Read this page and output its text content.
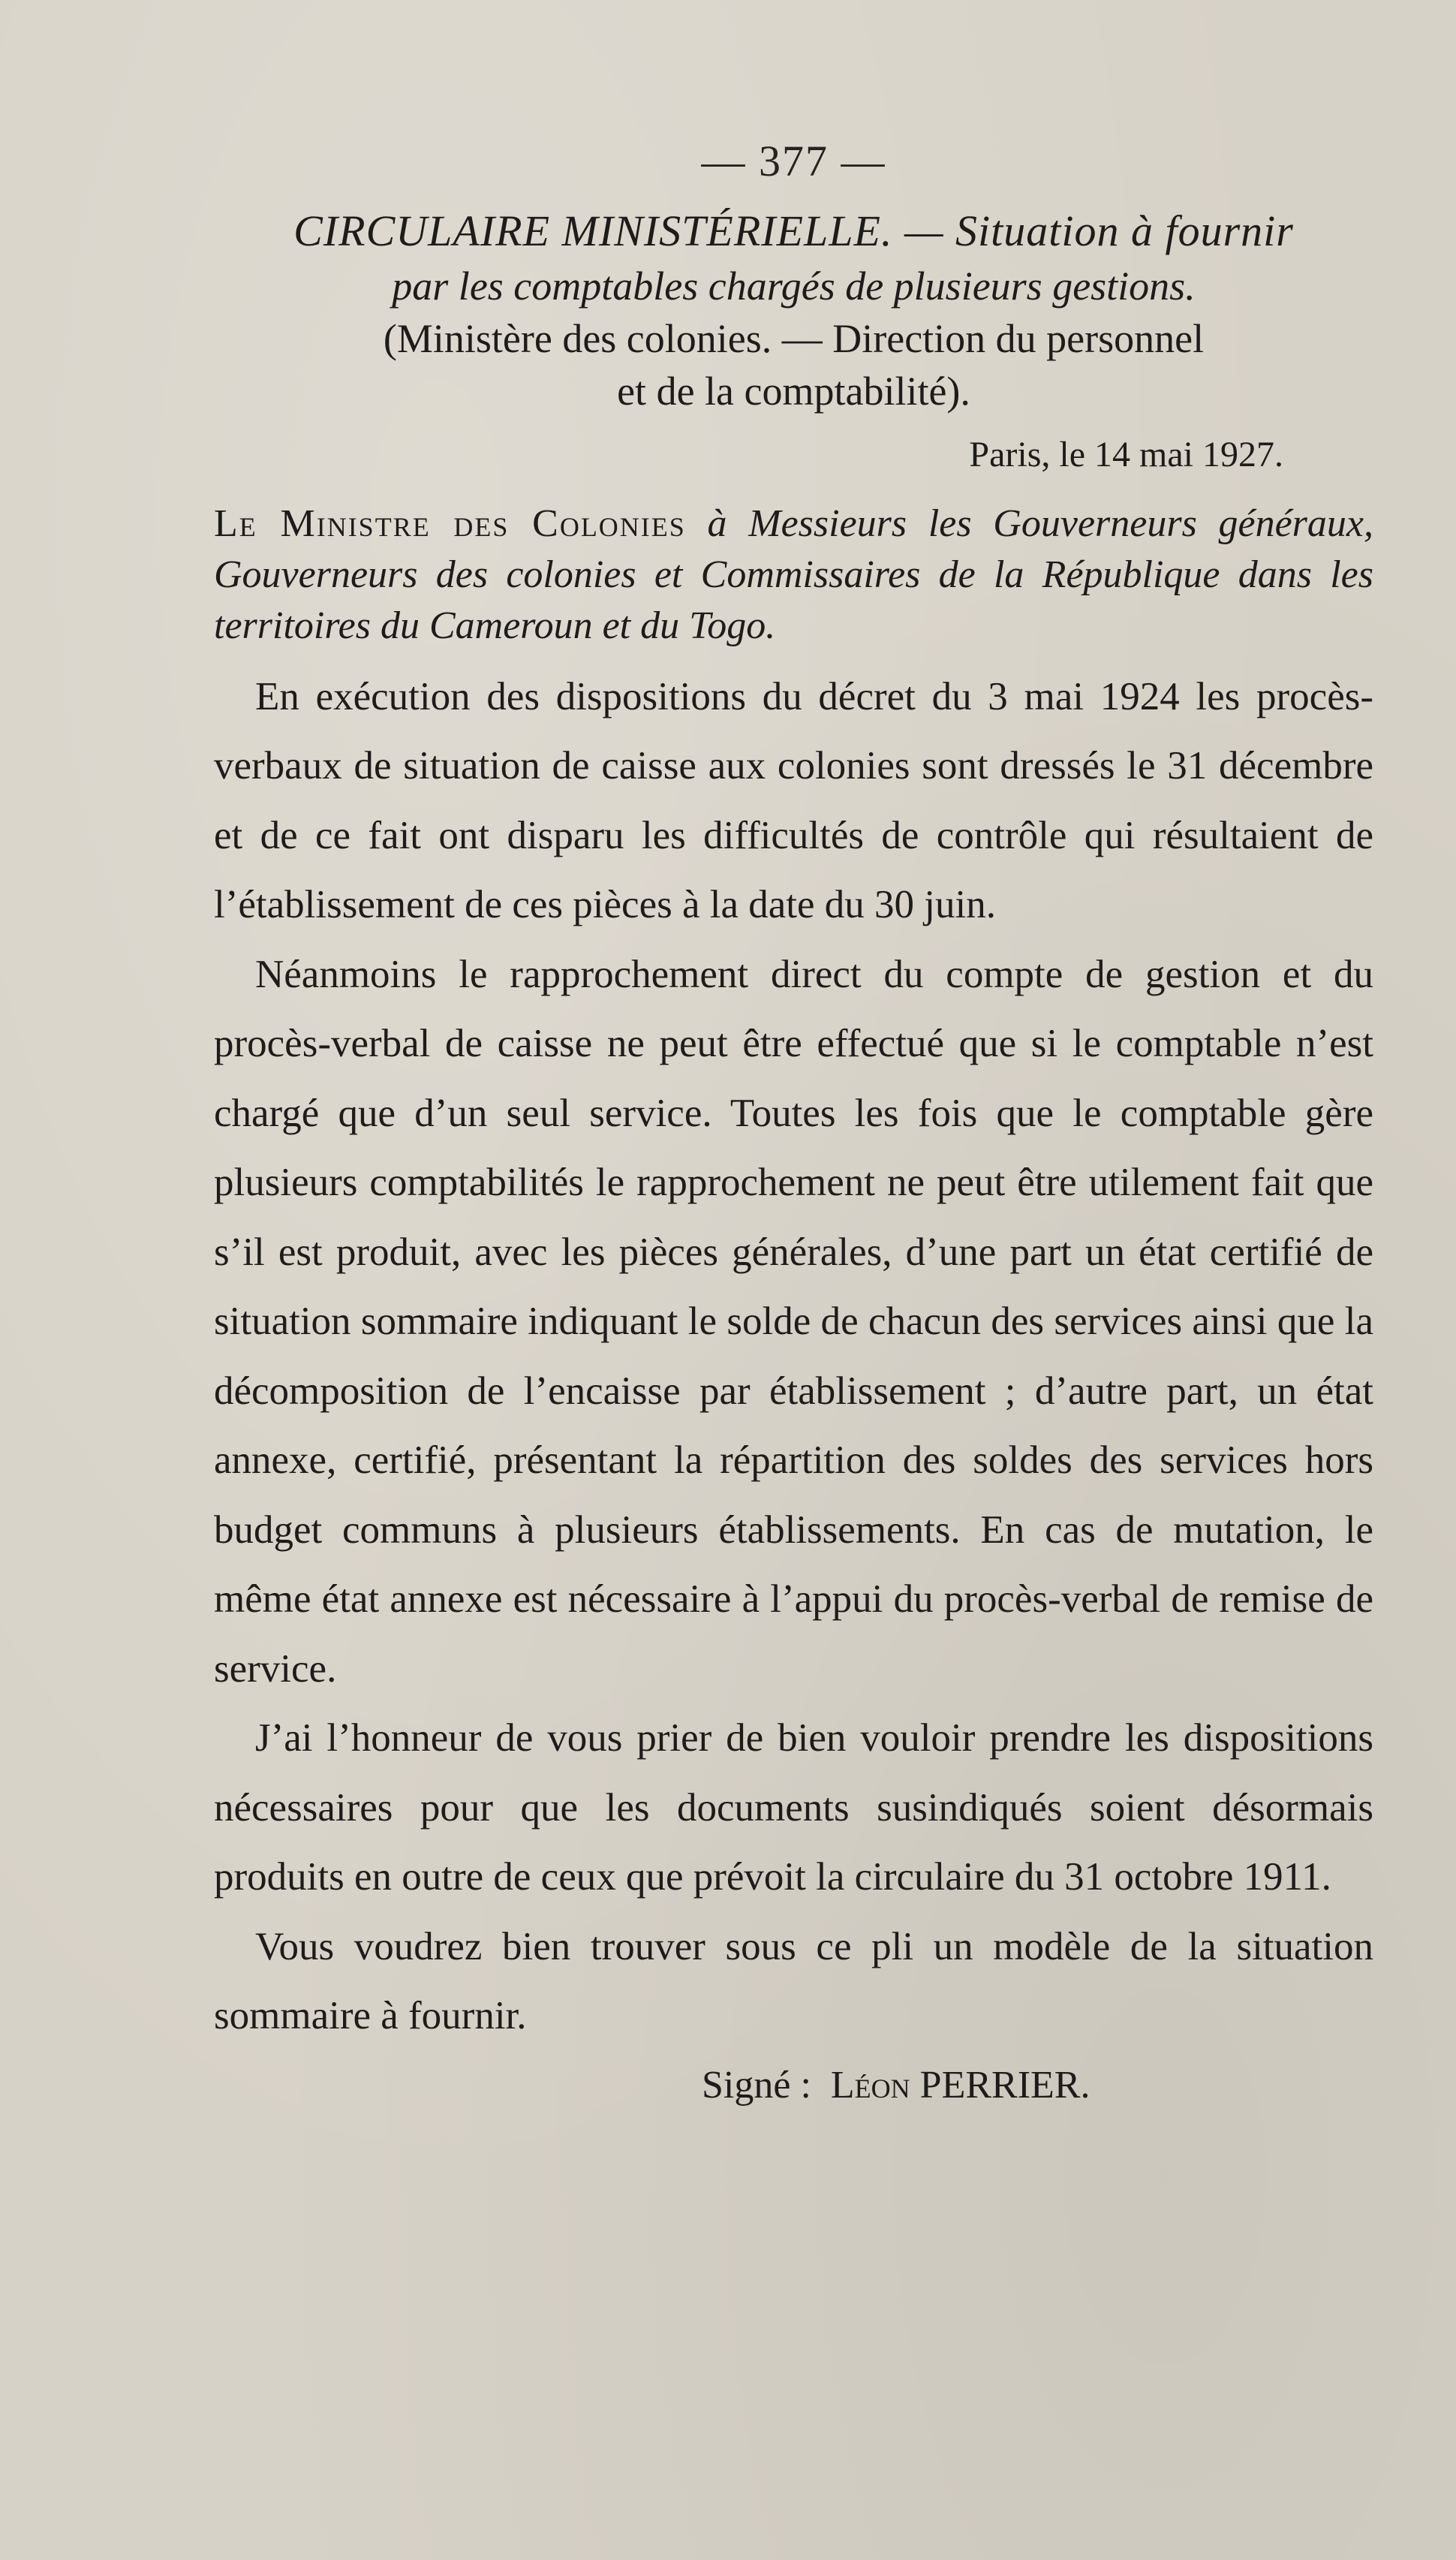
— 377 —

CIRCULAIRE MINISTÉRIELLE. — Situation à fournir

par les comptables chargés de plusieurs gestions.

(Ministère des colonies. — Direction du personnel

et de la comptabilité).

Paris, le 14 mai 1927.

Le Ministre des Colonies à Messieurs les Gouverneurs généraux, Gouverneurs des colonies et Commissaires de la République dans les territoires du Cameroun et du Togo.

En exécution des dispositions du décret du 3 mai 1924 les procès-verbaux de situation de caisse aux colonies sont dressés le 31 décembre et de ce fait ont disparu les difficultés de contrôle qui résultaient de l’établissement de ces pièces à la date du 30 juin.

Néanmoins le rapprochement direct du compte de gestion et du procès-verbal de caisse ne peut être effectué que si le comptable n’est chargé que d’un seul service. Toutes les fois que le comptable gère plusieurs comptabilités le rapprochement ne peut être utilement fait que s’il est produit, avec les pièces générales, d’une part un état certifié de situation sommaire indiquant le solde de chacun des services ainsi que la décomposition de l’encaisse par établissement ; d’autre part, un état annexe, certifié, présentant la répartition des soldes des services hors budget communs à plusieurs établissements. En cas de mutation, le même état annexe est nécessaire à l’appui du procès-verbal de remise de service.

J’ai l’honneur de vous prier de bien vouloir prendre les dispositions nécessaires pour que les documents susindiqués soient désormais produits en outre de ceux que prévoit la circulaire du 31 octobre 1911.

Vous voudrez bien trouver sous ce pli un modèle de la situation sommaire à fournir.

Signé : Léon PERRIER.
